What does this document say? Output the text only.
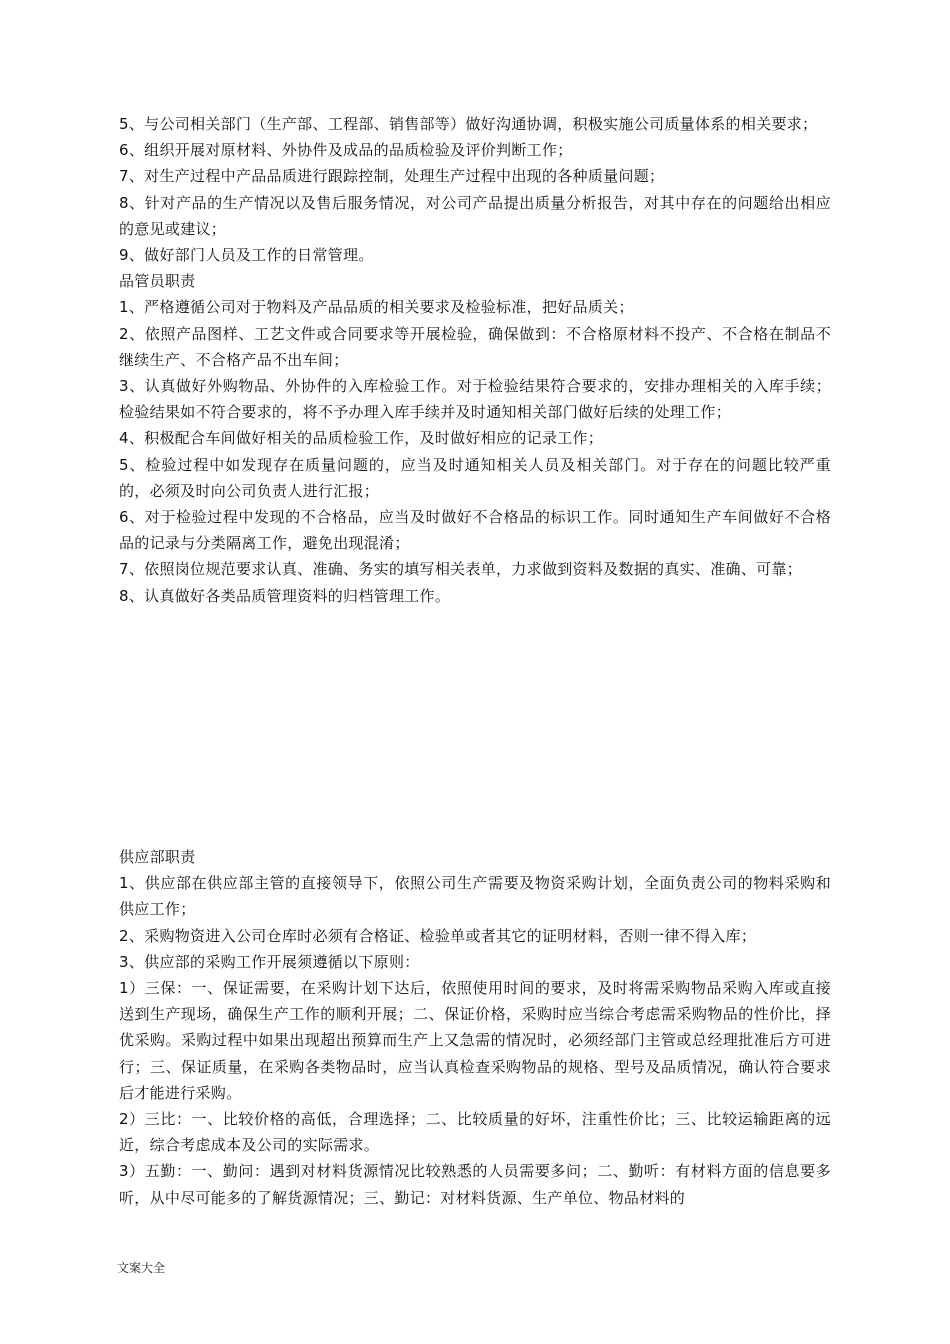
5、与公司相关部门（生产部、工程部、销售部等）做好沟通协调，积极实施公司质量体系的相关要求；

6、组织开展对原材料、外协件及成品的品质检验及评价判断工作；

7、对生产过程中产品品质进行跟踪控制，处理生产过程中出现的各种质量问题；

8、针对产品的生产情况以及售后服务情况，对公司产品提出质量分析报告，对其中存在的问题给出相应的意见或建议；

9、做好部门人员及工作的日常管理。

品管员职责

1、严格遵循公司对于物料及产品品质的相关要求及检验标准，把好品质关；

2、依照产品图样、工艺文件或合同要求等开展检验，确保做到：不合格原材料不投产、不合格在制品不继续生产、不合格产品不出车间；

3、认真做好外购物品、外协件的入库检验工作。对于检验结果符合要求的，安排办理相关的入库手续；检验结果如不符合要求的，将不予办理入库手续并及时通知相关部门做好后续的处理工作；

4、积极配合车间做好相关的品质检验工作，及时做好相应的记录工作；

5、检验过程中如发现存在质量问题的，应当及时通知相关人员及相关部门。对于存在的问题比较严重的，必须及时向公司负责人进行汇报；

6、对于检验过程中发现的不合格品，应当及时做好不合格品的标识工作。同时通知生产车间做好不合格品的记录与分类隔离工作，避免出现混淆；

7、依照岗位规范要求认真、准确、务实的填写相关表单，力求做到资料及数据的真实、准确、可靠；

8、认真做好各类品质管理资料的归档管理工作。

供应部职责

1、供应部在供应部主管的直接领导下，依照公司生产需要及物资采购计划，全面负责公司的物料采购和供应工作；

2、采购物资进入公司仓库时必须有合格证、检验单或者其它的证明材料，否则一律不得入库；

3、供应部的采购工作开展须遵循以下原则：

1）三保：一、保证需要，在采购计划下达后，依照使用时间的要求，及时将需采购物品采购入库或直接送到生产现场，确保生产工作的顺利开展；二、保证价格，采购时应当综合考虑需采购物品的性价比，择优采购。采购过程中如果出现超出预算而生产上又急需的情况时，必须经部门主管或总经理批准后方可进行；三、保证质量，在采购各类物品时，应当认真检查采购物品的规格、型号及品质情况，确认符合要求后才能进行采购。

2）三比：一、比较价格的高低，合理选择；二、比较质量的好坏，注重性价比；三、比较运输距离的远近，综合考虑成本及公司的实际需求。

3）五勤：一、勤问：遇到对材料货源情况比较熟悉的人员需要多问；二、勤听：有材料方面的信息要多听，从中尽可能多的了解货源情况；三、勤记：对材料货源、生产单位、物品材料的

文案大全
